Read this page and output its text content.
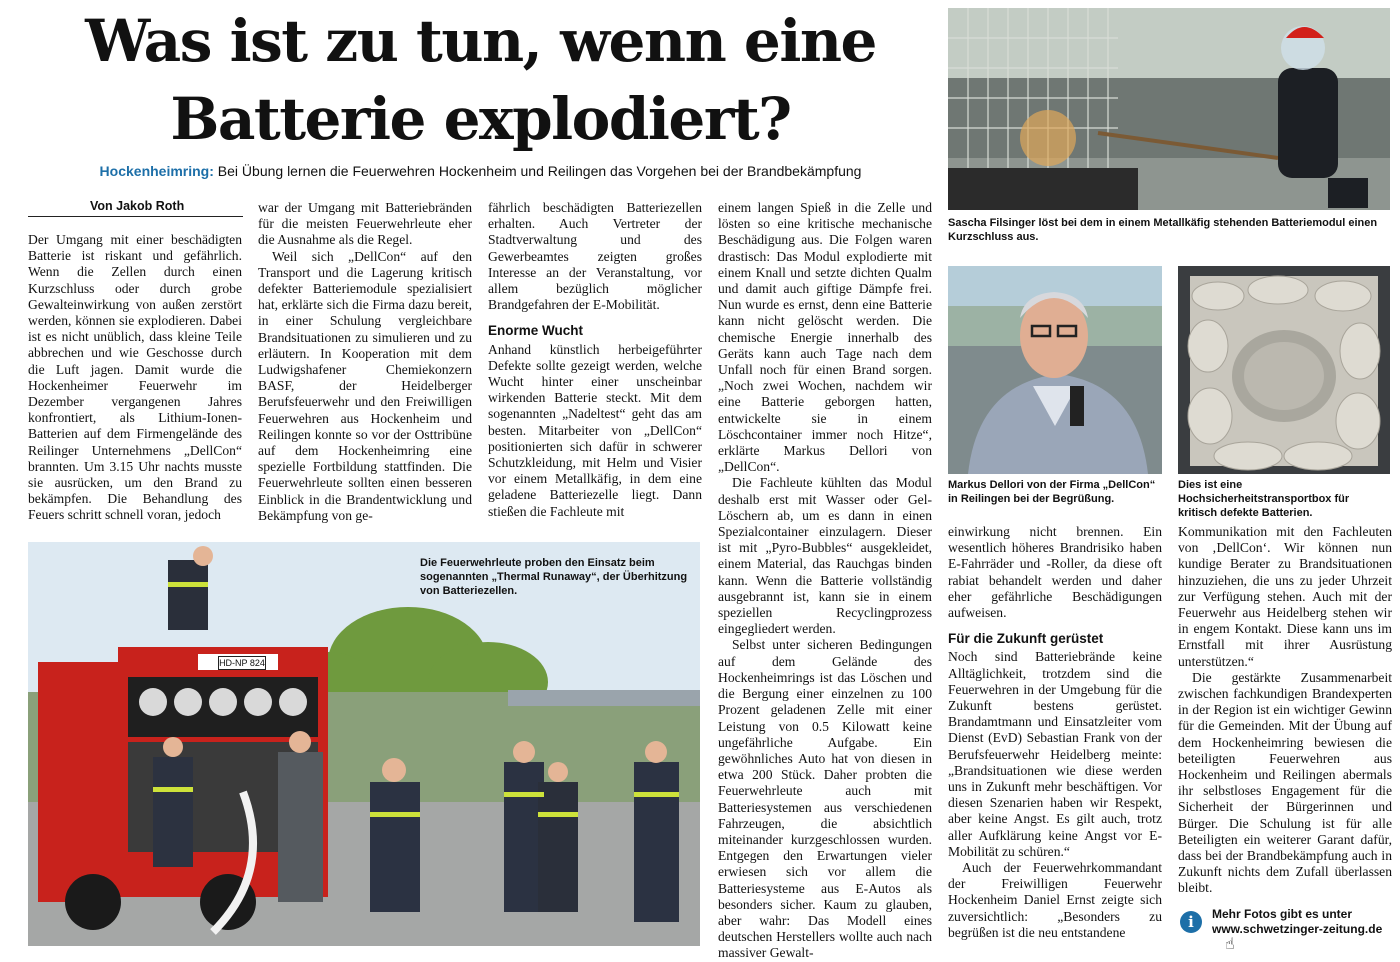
Was ist zu tun, wenn eine
Batterie explodiert?
Hockenheimring: Bei Übung lernen die Feuerwehren Hockenheim und Reilingen das Vorgehen bei der Brandbekämpfung
Von Jakob Roth

Der Umgang mit einer beschädigten Batterie ist riskant und gefährlich. Wenn die Zellen durch einen Kurzschluss oder durch grobe Gewalteinwirkung von außen zerstört werden, können sie explodieren. Dabei ist es nicht unüblich, dass kleine Teile abbrechen und wie Geschosse durch die Luft jagen. Damit wurde die Hockenheimer Feuerwehr im Dezember vergangenen Jahres konfrontiert, als Lithium-Ionen-Batterien auf dem Firmengelände des Reilinger Unternehmens „DellCon“ brannten. Um 3.15 Uhr nachts musste sie ausrücken, um den Brand zu bekämpfen. Die Behandlung des Feuers schritt schnell voran, jedoch

war der Umgang mit Batteriebränden für die meisten Feuerwehrleute eher die Ausnahme als die Regel.

Weil sich „DellCon“ auf den Transport und die Lagerung kritisch defekter Batteriemodule spezialisiert hat, erklärte sich die Firma dazu bereit, in einer Schulung vergleichbare Brandsituationen zu simulieren und zu erläutern. In Kooperation mit dem Ludwigshafener Chemiekonzern BASF, der Heidelberger Berufsfeuerwehr und den Freiwilligen Feuerwehren aus Hockenheim und Reilingen konnte so vor der Osttribüne auf dem Hockenheimring eine spezielle Fortbildung stattfinden. Die Feuerwehrleute sollten einen besseren Einblick in die Brandentwicklung und Bekämpfung von ge-

fährlich beschädigten Batteriezellen erhalten. Auch Vertreter der Stadtverwaltung und des Gewerbeamtes zeigten großes Interesse an der Veranstaltung, vor allem bezüglich möglicher Brandgefahren der E-Mobilität.

Enorme Wucht

Anhand künstlich herbeigeführter Defekte sollte gezeigt werden, welche Wucht hinter einer unscheinbar wirkenden Batterie steckt. Mit dem sogenannten „Nadeltest“ geht das am besten. Mitarbeiter von „DellCon“ positionierten sich dafür in schwerer Schutzkleidung, mit Helm und Visier vor einem Metallkäfig, in dem eine geladene Batteriezelle liegt. Dann stießen die Fachleute mit

einem langen Spieß in die Zelle und lösten so eine kritische mechanische Beschädigung aus. Die Folgen waren drastisch: Das Modul explodierte mit einem Knall und setzte dichten Qualm und damit auch giftige Dämpfe frei. Nun wurde es ernst, denn eine Batterie kann nicht gelöscht werden. Die chemische Energie innerhalb des Geräts kann auch Tage nach dem Unfall noch für einen Brand sorgen. „Noch zwei Wochen, nachdem wir eine Batterie geborgen hatten, entwickelte sie in einem Löschcontainer immer noch Hitze“, erklärte Markus Dellori von „DellCon“.

Die Fachleute kühlten das Modul deshalb erst mit Wasser oder Gel-Löschern ab, um es dann in einen Spezialcontainer einzulagern. Dieser ist mit „Pyro-Bubbles“ ausgekleidet, einem Material, das Rauchgas binden kann. Wenn die Batterie vollständig ausgebrannt ist, kann sie in einem speziellen Recyclingprozess eingegliedert werden.

Selbst unter sicheren Bedingungen auf dem Gelände des Hockenheimrings ist das Löschen und die Bergung einer einzelnen zu 100 Prozent geladenen Zelle mit einer Leistung von 0.5 Kilowatt keine ungefährliche Aufgabe. Ein gewöhnliches Auto hat von diesen in etwa 200 Stück. Daher probten die Feuerwehrleute auch mit Batteriesystemen aus verschiedenen Fahrzeugen, die absichtlich miteinander kurzgeschlossen wurden. Entgegen den Erwartungen vieler erwiesen sich vor allem die Batteriesysteme aus E-Autos als besonders sicher. Kaum zu glauben, aber wahr: Das Modell eines deutschen Herstellers wollte auch nach massiver Gewalt-

einwirkung nicht brennen. Ein wesentlich höheres Brandrisiko haben E-Fahrräder und -Roller, da diese oft rabiat behandelt werden und daher eher gefährliche Beschädigungen aufweisen.

Für die Zukunft gerüstet

Noch sind Batteriebrände keine Alltäglichkeit, trotzdem sind die Feuerwehren in der Umgebung für die Zukunft bestens gerüstet. Brandamtmann und Einsatzleiter vom Dienst (EvD) Sebastian Frank von der Berufsfeuerwehr Heidelberg meinte: „Brandsituationen wie diese werden uns in Zukunft mehr beschäftigen. Vor diesen Szenarien haben wir Respekt, aber keine Angst. Es gilt auch, trotz aller Aufklärung keine Angst vor E-Mobilität zu schüren.“

Auch der Feuerwehrkommandant der Freiwilligen Feuerwehr Hockenheim Daniel Ernst zeigte sich zuversichtlich: „Besonders zu begrüßen ist die neu entstandene

Kommunikation mit den Fachleuten von ‚DellCon‘. Wir können nun kundige Berater zu Brandsituationen hinzuziehen, die uns zu jeder Uhrzeit zur Verfügung stehen. Auch mit der Feuerwehr aus Heidelberg stehen wir in engem Kontakt. Diese kann uns im Ernstfall mit ihrer Ausrüstung unterstützen.“

Die gestärkte Zusammenarbeit zwischen fachkundigen Brandexperten in der Region ist ein wichtiger Gewinn für die Gemeinden. Mit der Übung auf dem Hockenheimring bewiesen die beteiligten Feuerwehren aus Hockenheim und Reilingen abermals ihr selbstloses Engagement für die Sicherheit der Bürgerinnen und Bürger. Die Schulung ist für alle Beteiligten ein weiterer Garant dafür, dass bei der Brandbekämpfung auch in Zukunft nichts dem Zufall überlassen bleibt.

Sascha Filsinger löst bei dem in einem Metallkäfig stehenden Batteriemodul einen Kurzschluss aus.
Markus Dellori von der Firma „DellCon“ in Reilingen bei der Begrüßung.
Dies ist eine Hochsicherheitstransportbox für kritisch defekte Batterien.
HD-NP 824
Die Feuerwehrleute proben den Einsatz beim sogenannten „Thermal Runaway“, der Überhitzung von Batteriezellen.
i	Mehr Fotos gibt es unter
www.schwetzinger-zeitung.de
☝
